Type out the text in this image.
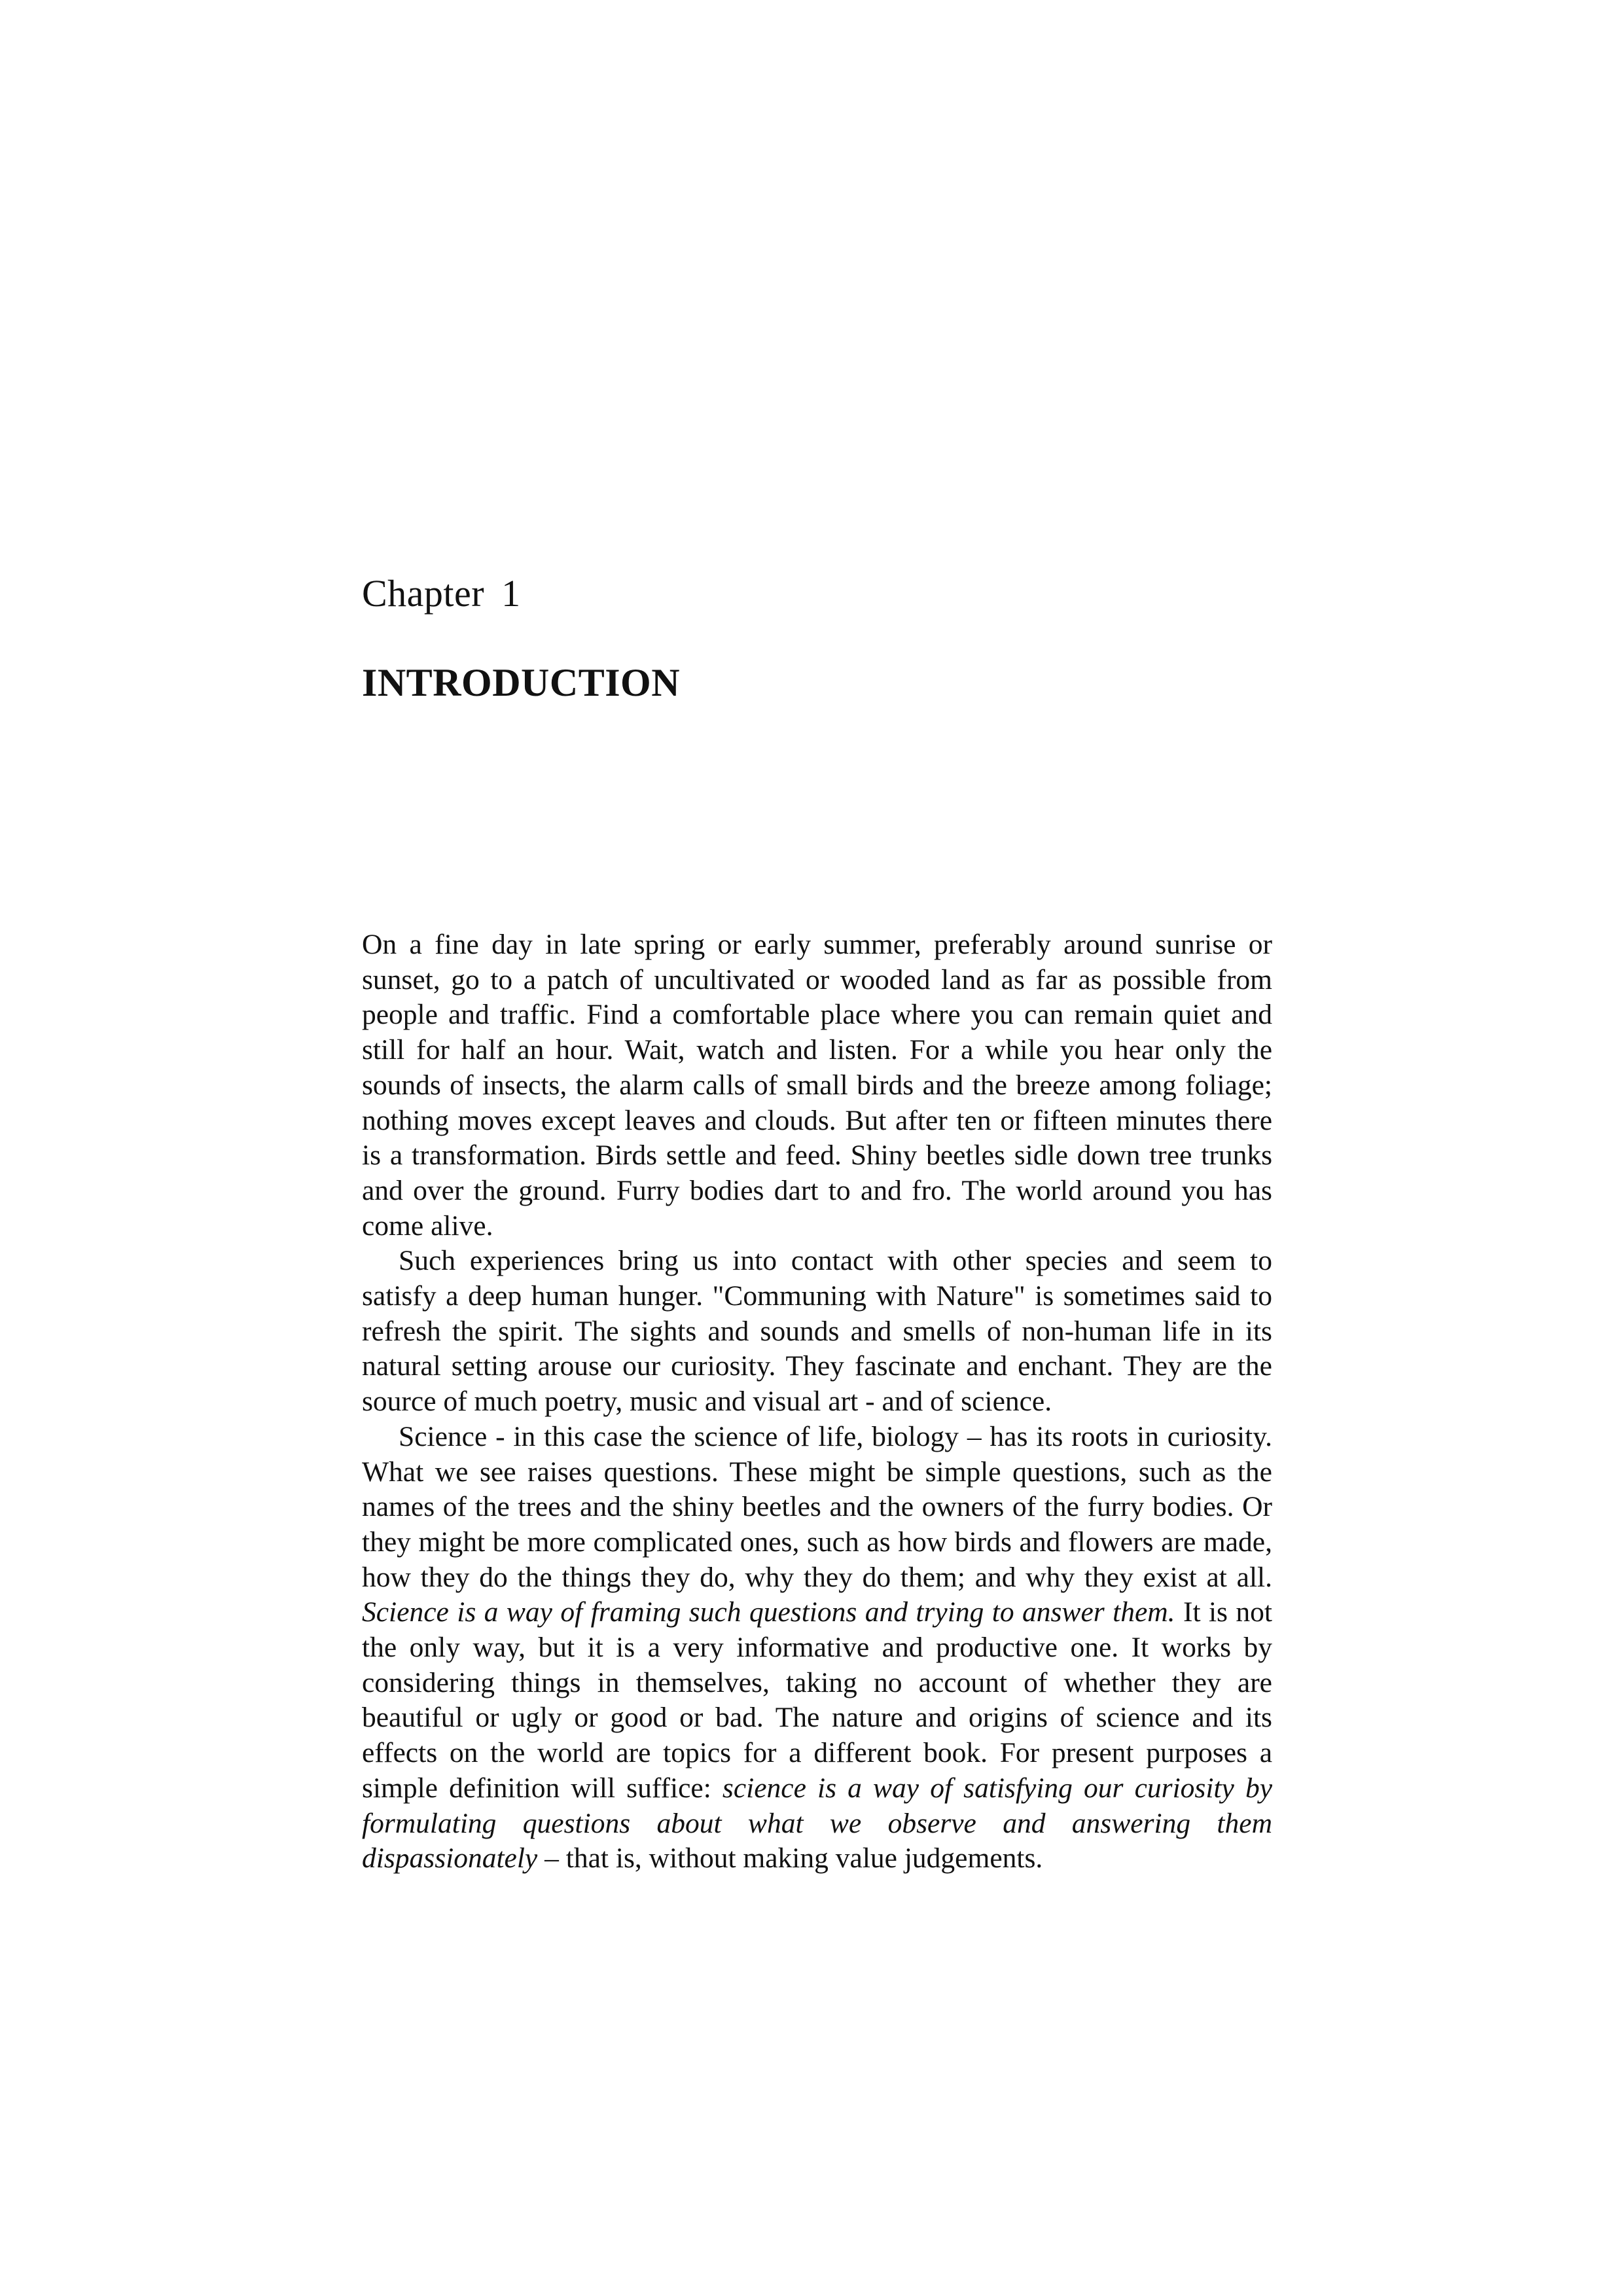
Chapter 1
INTRODUCTION

On a fine day in late spring or early summer, preferably around sunrise or sunset, go to a patch of uncultivated or wooded land as far as possible from people and traffic. Find a comfortable place where you can remain quiet and still for half an hour. Wait, watch and listen. For a while you hear only the sounds of insects, the alarm calls of small birds and the breeze among foliage; nothing moves except leaves and clouds. But after ten or fifteen minutes there is a transformation. Birds settle and feed. Shiny beetles sidle down tree trunks and over the ground. Furry bodies dart to and fro. The world around you has come alive.

Such experiences bring us into contact with other species and seem to satisfy a deep human hunger. "Communing with Nature" is sometimes said to refresh the spirit. The sights and sounds and smells of non-human life in its natural setting arouse our curiosity. They fascinate and enchant. They are the source of much poetry, music and visual art - and of science.

Science - in this case the science of life, biology – has its roots in curiosity. What we see raises questions. These might be simple questions, such as the names of the trees and the shiny beetles and the owners of the furry bodies. Or they might be more complicated ones, such as how birds and flowers are made, how they do the things they do, why they do them; and why they exist at all. Science is a way of framing such questions and trying to answer them. It is not the only way, but it is a very informative and productive one. It works by considering things in themselves, taking no account of whether they are beautiful or ugly or good or bad. The nature and origins of science and its effects on the world are topics for a different book. For present purposes a simple definition will suffice: science is a way of satisfying our curiosity by formulating questions about what we observe and answering them dispassionately – that is, without making value judgements.
